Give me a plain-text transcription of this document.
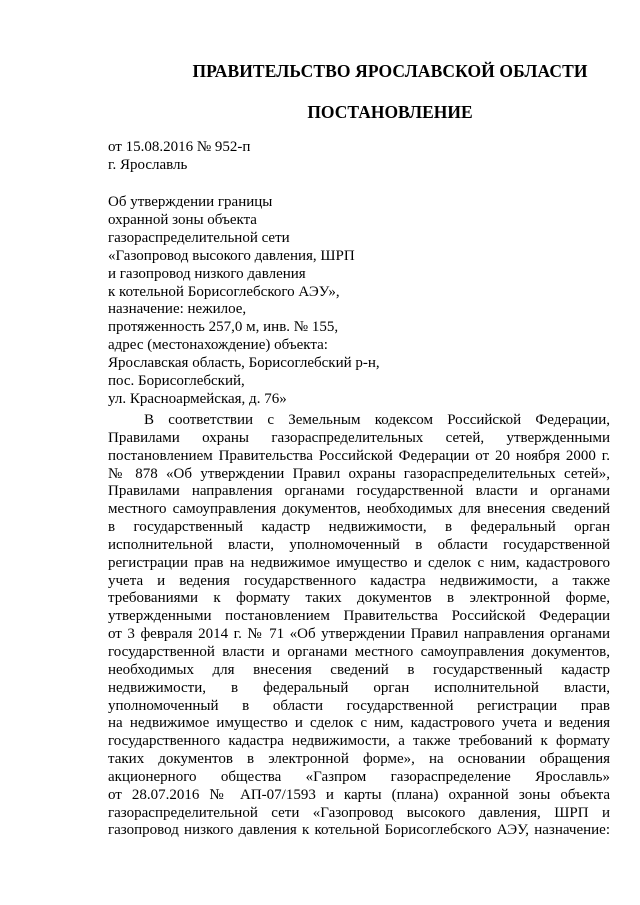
ПРАВИТЕЛЬСТВО ЯРОСЛАВСКОЙ ОБЛАСТИ
ПОСТАНОВЛЕНИЕ
от 15.08.2016 № 952-п
г. Ярославль
Об утверждении границы
охранной зоны объекта
газораспределительной сети
«Газопровод высокого давления, ШРП
и газопровод низкого давления
к котельной Борисоглебского АЭУ»,
назначение: нежилое,
протяженность 257,0 м, инв. № 155,
адрес (местонахождение) объекта:
Ярославская область, Борисоглебский р-н,
пос. Борисоглебский,
ул. Красноармейская, д. 76»
В соответствии с Земельным кодексом Российской Федерации,
Правилами охраны газораспределительных сетей, утвержденными
постановлением Правительства Российской Федерации от 20 ноября 2000 г.
№ 878 «Об утверждении Правил охраны газораспределительных сетей»,
Правилами направления органами государственной власти и органами
местного самоуправления документов, необходимых для внесения сведений
в государственный кадастр недвижимости, в федеральный орган
исполнительной власти, уполномоченный в области государственной
регистрации прав на недвижимое имущество и сделок с ним, кадастрового
учета и ведения государственного кадастра недвижимости, а также
требованиями к формату таких документов в электронной форме,
утвержденными постановлением Правительства Российской Федерации
от 3 февраля 2014 г. № 71 «Об утверждении Правил направления органами
государственной власти и органами местного самоуправления документов,
необходимых для внесения сведений в государственный кадастр
недвижимости, в федеральный орган исполнительной власти,
уполномоченный в области государственной регистрации прав
на недвижимое имущество и сделок с ним, кадастрового учета и ведения
государственного кадастра недвижимости, а также требований к формату
таких документов в электронной форме», на основании обращения
акционерного общества «Газпром газораспределение Ярославль»
от 28.07.2016 № АП-07/1593 и карты (плана) охранной зоны объекта
газораспределительной сети «Газопровод высокого давления, ШРП и
газопровод низкого давления к котельной Борисоглебского АЭУ, назначение:
